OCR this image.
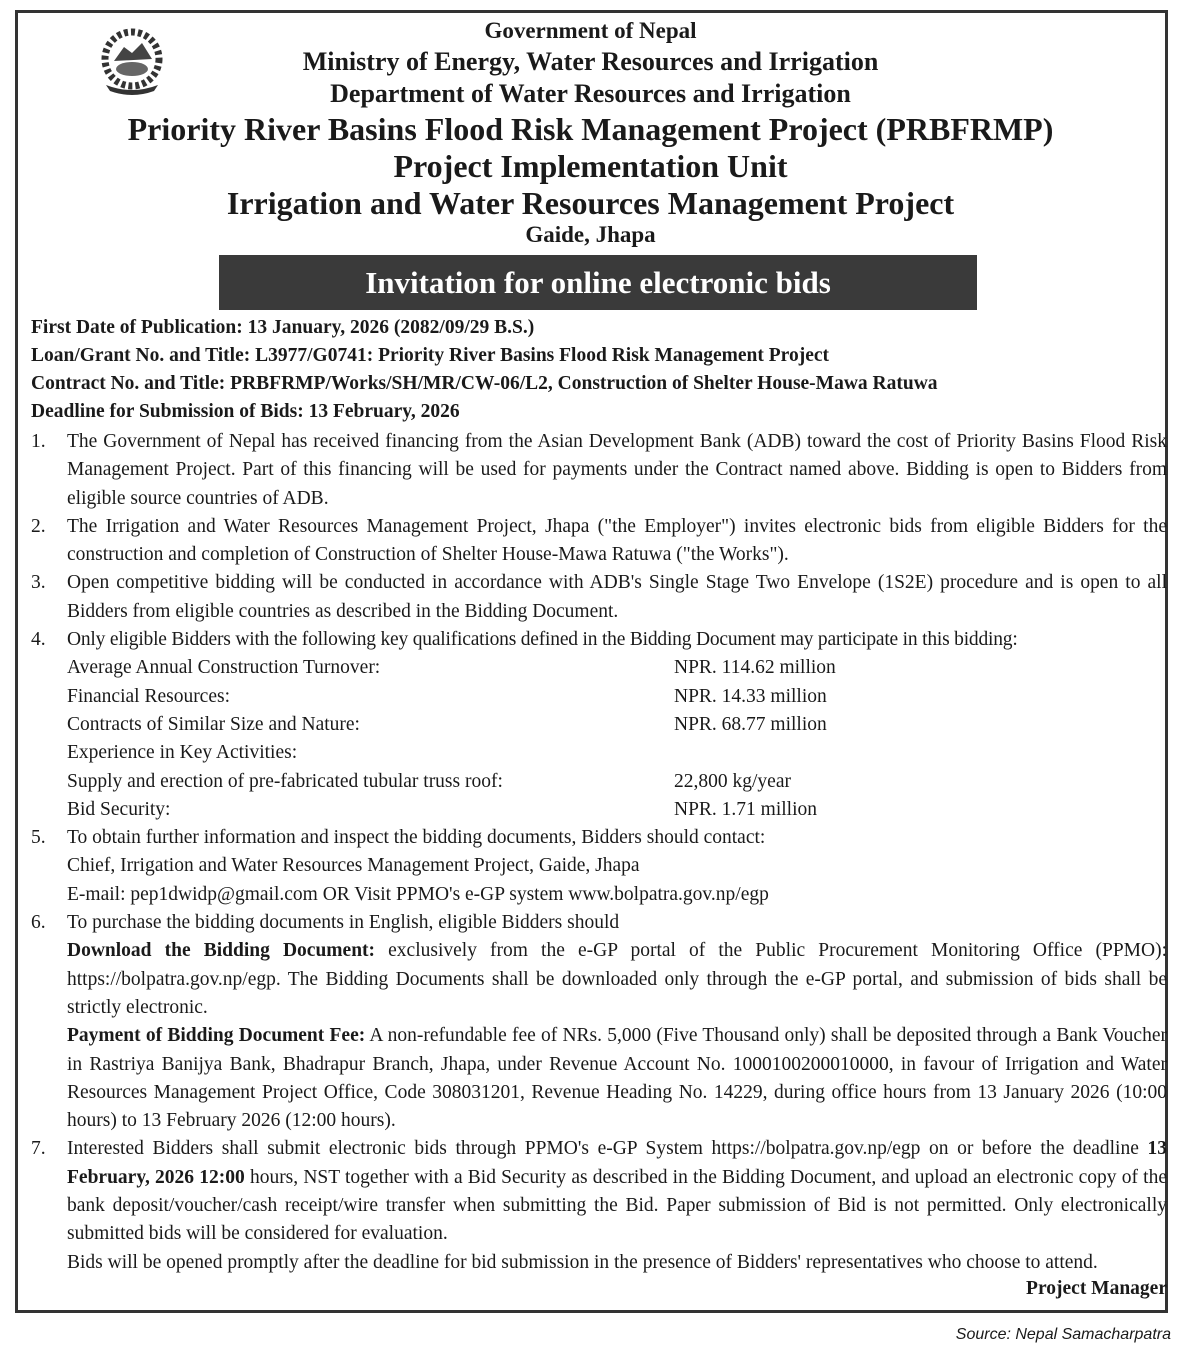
Government of Nepal
Ministry of Energy, Water Resources and Irrigation
Department of Water Resources and Irrigation
Priority River Basins Flood Risk Management Project (PRBFRMP)
Project Implementation Unit
Irrigation and Water Resources Management Project
Gaide, Jhapa
Invitation for online electronic bids
First Date of Publication: 13 January, 2026 (2082/09/29 B.S.)
Loan/Grant No. and Title: L3977/G0741: Priority River Basins Flood Risk Management Project
Contract No. and Title: PRBFRMP/Works/SH/MR/CW-06/L2, Construction of Shelter House-Mawa Ratuwa
Deadline for Submission of Bids: 13 February, 2026
1.	The Government of Nepal has received financing from the Asian Development Bank (ADB) toward the cost of Priority Basins Flood Risk Management Project. Part of this financing will be used for payments under the Contract named above. Bidding is open to Bidders from eligible source countries of ADB.
2.	The Irrigation and Water Resources Management Project, Jhapa ("the Employer") invites electronic bids from eligible Bidders for the construction and completion of Construction of Shelter House-Mawa Ratuwa ("the Works").
3.	Open competitive bidding will be conducted in accordance with ADB's Single Stage Two Envelope (1S2E) procedure and is open to all Bidders from eligible countries as described in the Bidding Document.
4.	Only eligible Bidders with the following key qualifications defined in the Bidding Document may participate in this bidding:
Average Annual Construction Turnover:	NPR. 114.62 million
Financial Resources:	NPR. 14.33 million
Contracts of Similar Size and Nature:	NPR. 68.77 million
Experience in Key Activities:
Supply and erection of pre-fabricated tubular truss roof:	22,800 kg/year
Bid Security:	NPR. 1.71 million
5.	To obtain further information and inspect the bidding documents, Bidders should contact:
Chief, Irrigation and Water Resources Management Project, Gaide, Jhapa
E-mail: pep1dwidp@gmail.com OR Visit PPMO's e-GP system www.bolpatra.gov.np/egp
6.	To purchase the bidding documents in English, eligible Bidders should
Download the Bidding Document: exclusively from the e-GP portal of the Public Procurement Monitoring Office (PPMO): https://bolpatra.gov.np/egp. The Bidding Documents shall be downloaded only through the e-GP portal, and submission of bids shall be strictly electronic.
Payment of Bidding Document Fee: A non-refundable fee of NRs. 5,000 (Five Thousand only) shall be deposited through a Bank Voucher in Rastriya Banijya Bank, Bhadrapur Branch, Jhapa, under Revenue Account No. 1000100200010000, in favour of Irrigation and Water Resources Management Project Office, Code 308031201, Revenue Heading No. 14229, during office hours from 13 January 2026 (10:00 hours) to 13 February 2026 (12:00 hours).
7.	Interested Bidders shall submit electronic bids through PPMO's e-GP System https://bolpatra.gov.np/egp on or before the deadline 13 February, 2026 12:00 hours, NST together with a Bid Security as described in the Bidding Document, and upload an electronic copy of the bank deposit/voucher/cash receipt/wire transfer when submitting the Bid. Paper submission of Bid is not permitted. Only electronically submitted bids will be considered for evaluation.
Bids will be opened promptly after the deadline for bid submission in the presence of Bidders' representatives who choose to attend.
Project Manager
Source: Nepal Samacharpatra
